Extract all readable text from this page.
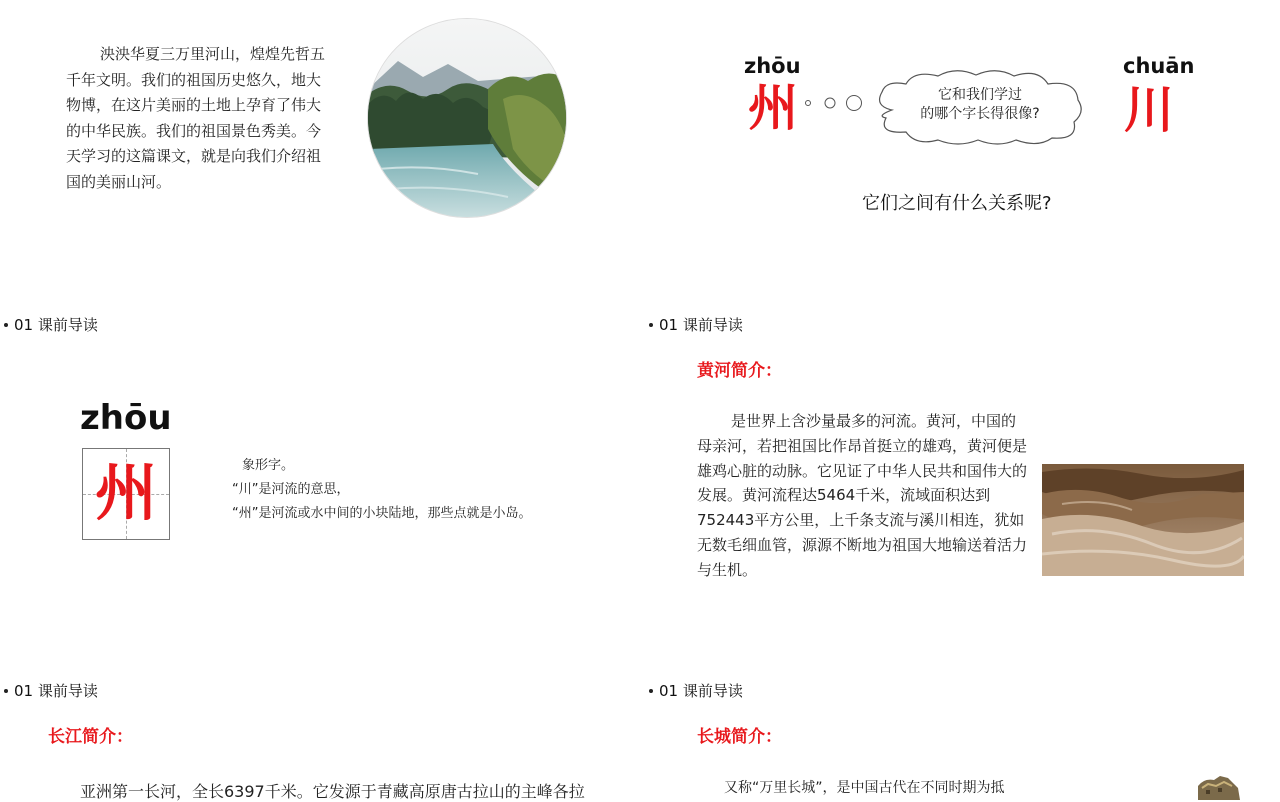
泱泱华夏三万里河山，煌煌先哲五千年文明。我们的祖国历史悠久，地大物博，在这片美丽的土地上孕育了伟大的中华民族。我们的祖国景色秀美。今天学习的这篇课文，就是向我们介绍祖国的美丽山河。
zhōu
州	它和我们学过
的哪个字长得很像?
chuān
川
它们之间有什么关系呢?
01 课前导读
zhōu
州	象形字。
“川”是河流的意思，
“州”是河流或水中间的小块陆地，那些点就是小岛。
01 课前导读
黄河简介：
是世界上含沙量最多的河流。黄河，中国的母亲河，若把祖国比作昂首挺立的雄鸡，黄河便是雄鸡心脏的动脉。它见证了中华人民共和国伟大的发展。黄河流程达5464千米，流域面积达到752443平方公里，上千条支流与溪川相连，犹如无数毛细血管，源源不断地为祖国大地输送着活力与生机。
01 课前导读
长江简介：
亚洲第一长河，全长6397千米。它发源于青藏高原唐古拉山的主峰各拉
01 课前导读
长城简介：
又称“万里长城”，是中国古代在不同时期为抵
